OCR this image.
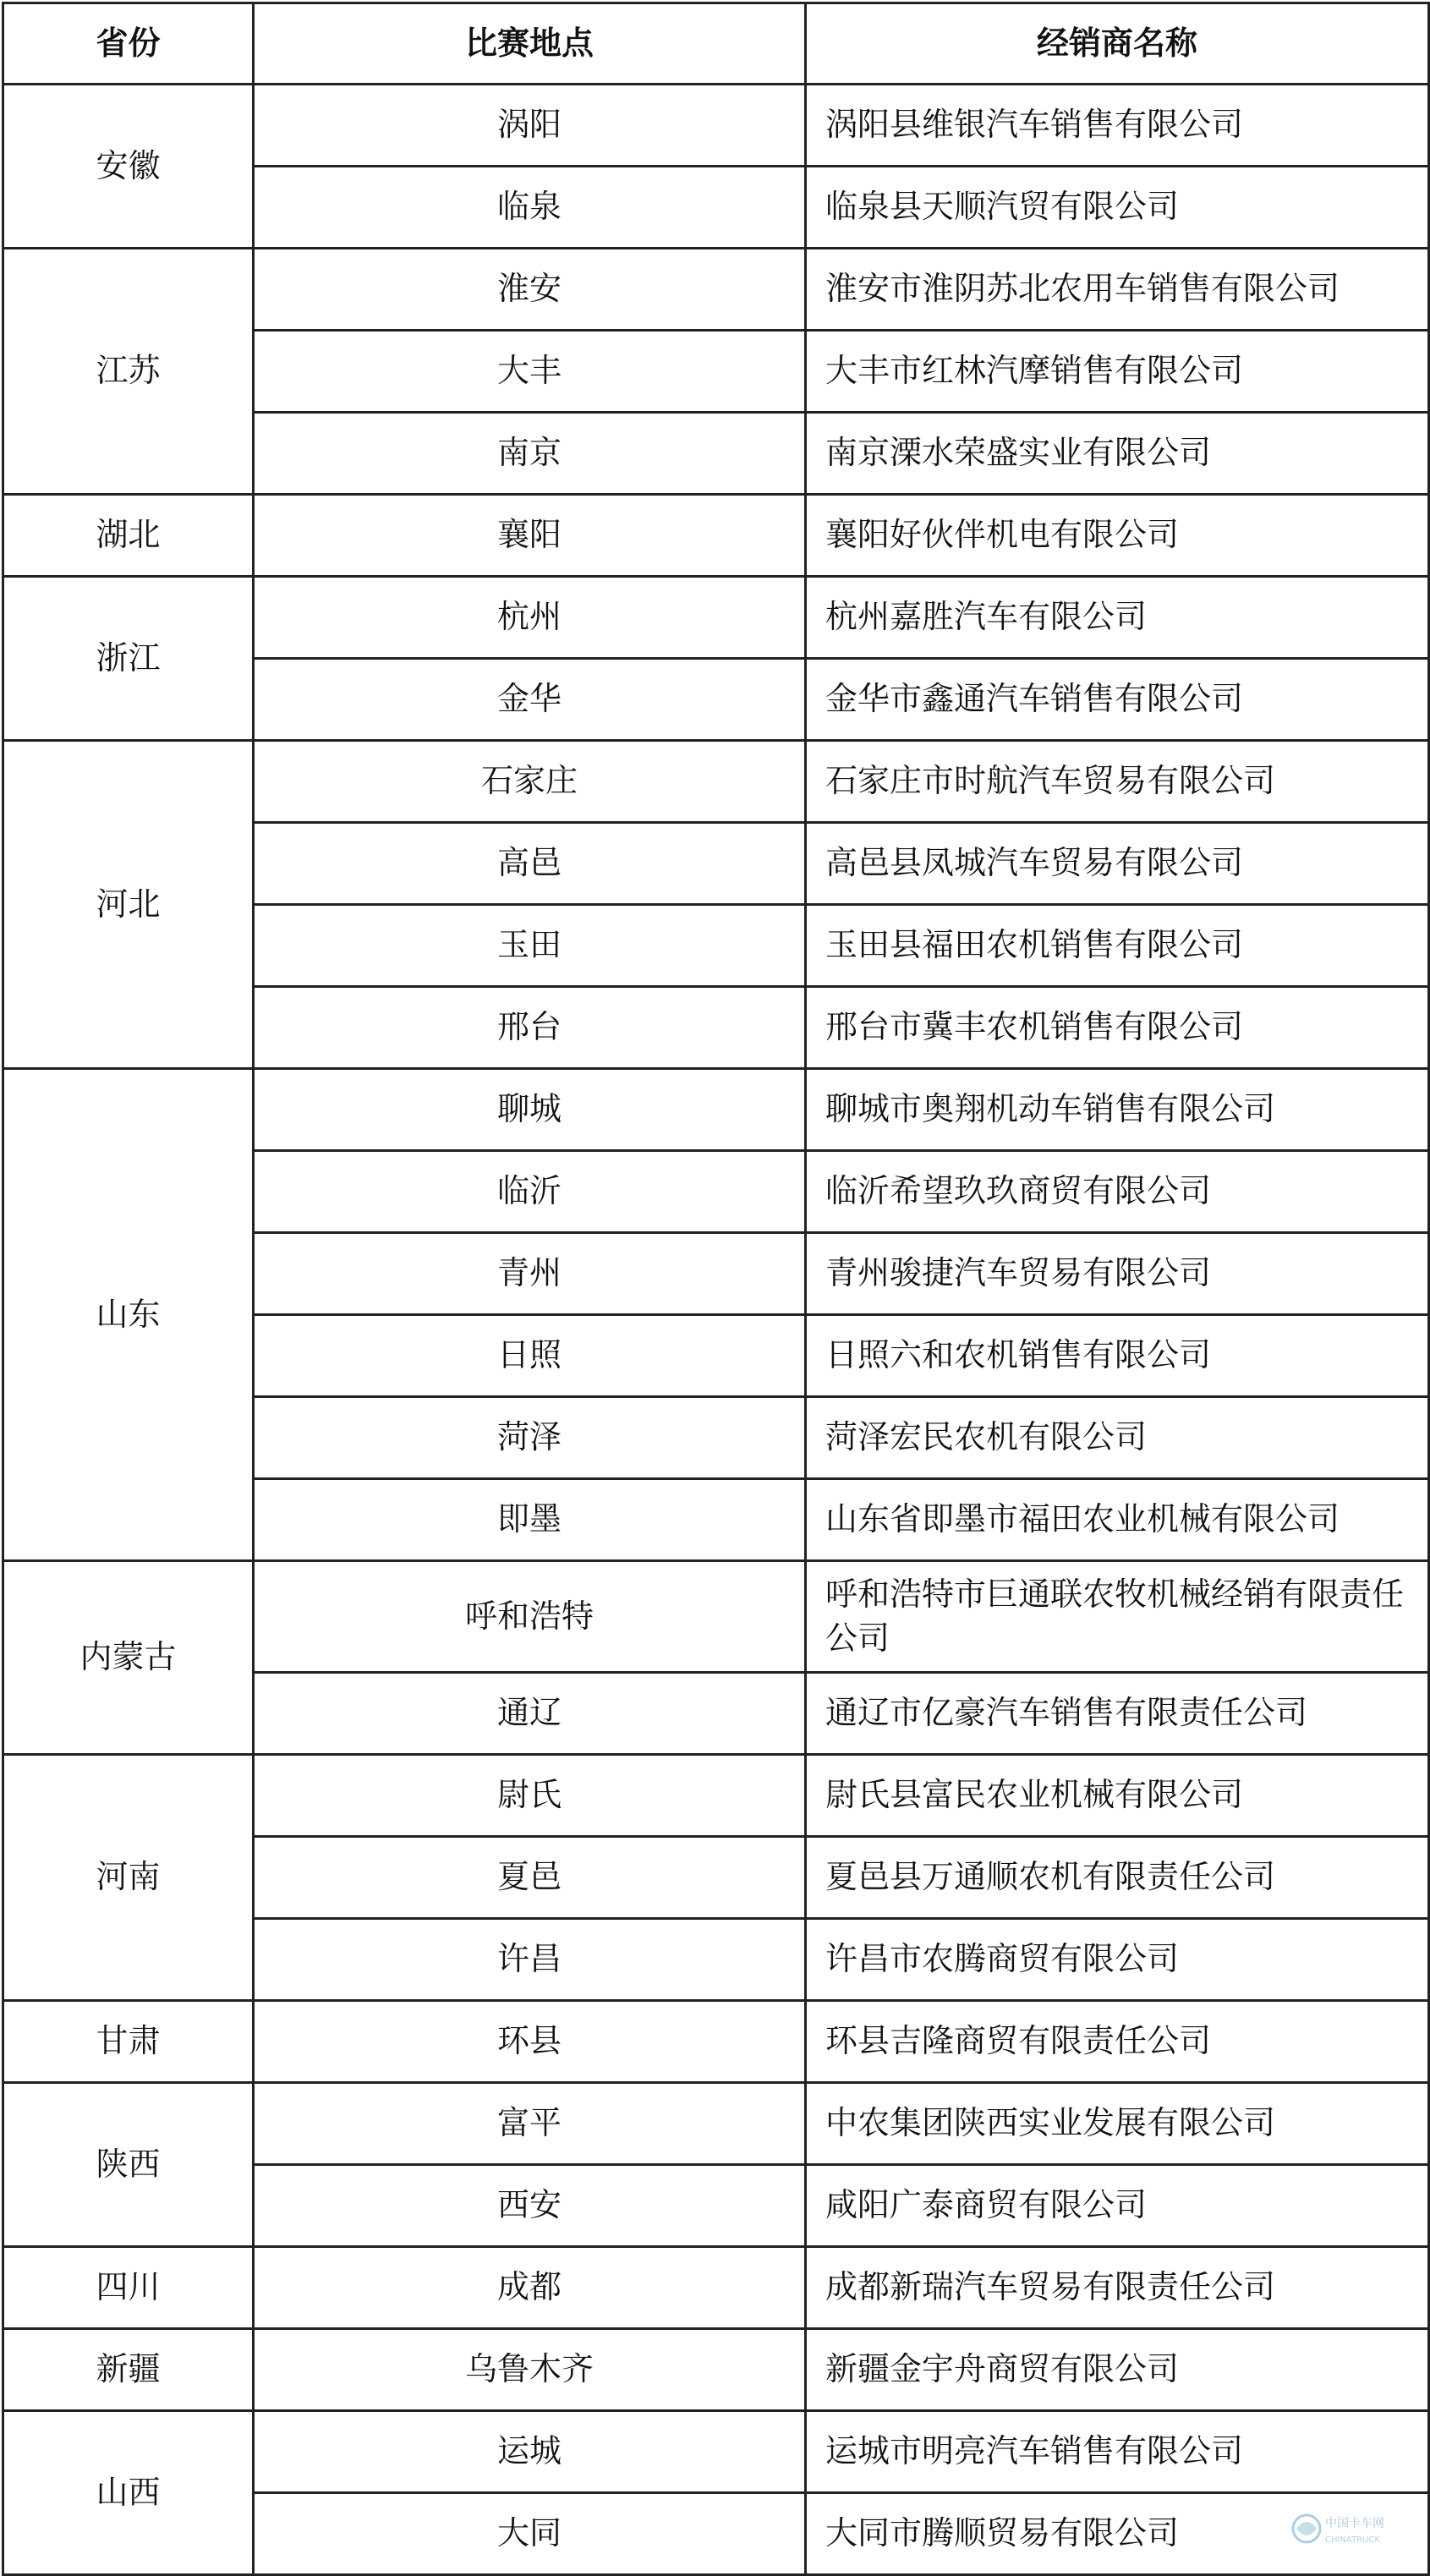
省份	比赛地点	经销商名称
安徽	涡阳	涡阳县维银汽车销售有限公司
	临泉	临泉县天顺汽贸有限公司
江苏	淮安	淮安市淮阴苏北农用车销售有限公司
	大丰	大丰市红林汽摩销售有限公司
	南京	南京溧水荣盛实业有限公司
湖北	襄阳	襄阳好伙伴机电有限公司
浙江	杭州	杭州嘉胜汽车有限公司
	金华	金华市鑫通汽车销售有限公司
河北	石家庄	石家庄市时航汽车贸易有限公司
	高邑	高邑县凤城汽车贸易有限公司
	玉田	玉田县福田农机销售有限公司
	邢台	邢台市冀丰农机销售有限公司
山东	聊城	聊城市奥翔机动车销售有限公司
	临沂	临沂希望玖玖商贸有限公司
	青州	青州骏捷汽车贸易有限公司
	日照	日照六和农机销售有限公司
	菏泽	菏泽宏民农机有限公司
	即墨	山东省即墨市福田农业机械有限公司
内蒙古	呼和浩特	呼和浩特市巨通联农牧机械经销有限责任公司
	通辽	通辽市亿豪汽车销售有限责任公司
河南	尉氏	尉氏县富民农业机械有限公司
	夏邑	夏邑县万通顺农机有限责任公司
	许昌	许昌市农腾商贸有限公司
甘肃	环县	环县吉隆商贸有限责任公司
陕西	富平	中农集团陕西实业发展有限公司
	西安	咸阳广泰商贸有限公司
四川	成都	成都新瑞汽车贸易有限责任公司
新疆	乌鲁木齐	新疆金宇舟商贸有限公司
山西	运城	运城市明亮汽车销售有限公司
	大同	大同市腾顺贸易有限公司	中国卡车网
CHINATRUCK
